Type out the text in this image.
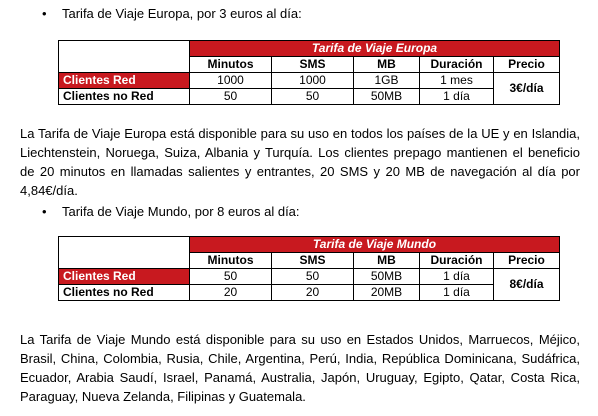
• Tarifa de Viaje Europa, por 3 euros al día:
	Tarifa de Viaje Europa				
	Minutos	SMS	MB	Duración	Precio
Clientes Red	1000	1000	1GB	1 mes	3€/día
Clientes no Red	50	50	50MB	1 día	
La Tarifa de Viaje Europa está disponible para su uso en todos los países de la UE y en Islandia, Liechtenstein, Noruega, Suiza, Albania y Turquía. Los clientes prepago mantienen el beneficio de 20 minutos en llamadas salientes y entrantes, 20 SMS y 20 MB de navegación al día por 4,84€/día.
• Tarifa de Viaje Mundo, por 8 euros al día:
	Tarifa de Viaje Mundo				
	Minutos	SMS	MB	Duración	Precio
Clientes Red	50	50	50MB	1 día	8€/día
Clientes no Red	20	20	20MB	1 día	
La Tarifa de Viaje Mundo está disponible para su uso en Estados Unidos, Marruecos, Méjico, Brasil, China, Colombia, Rusia, Chile, Argentina, Perú, India, República Dominicana, Sudáfrica, Ecuador, Arabia Saudí, Israel, Panamá, Australia, Japón, Uruguay, Egipto, Qatar, Costa Rica, Paraguay, Nueva Zelanda, Filipinas y Guatemala.
